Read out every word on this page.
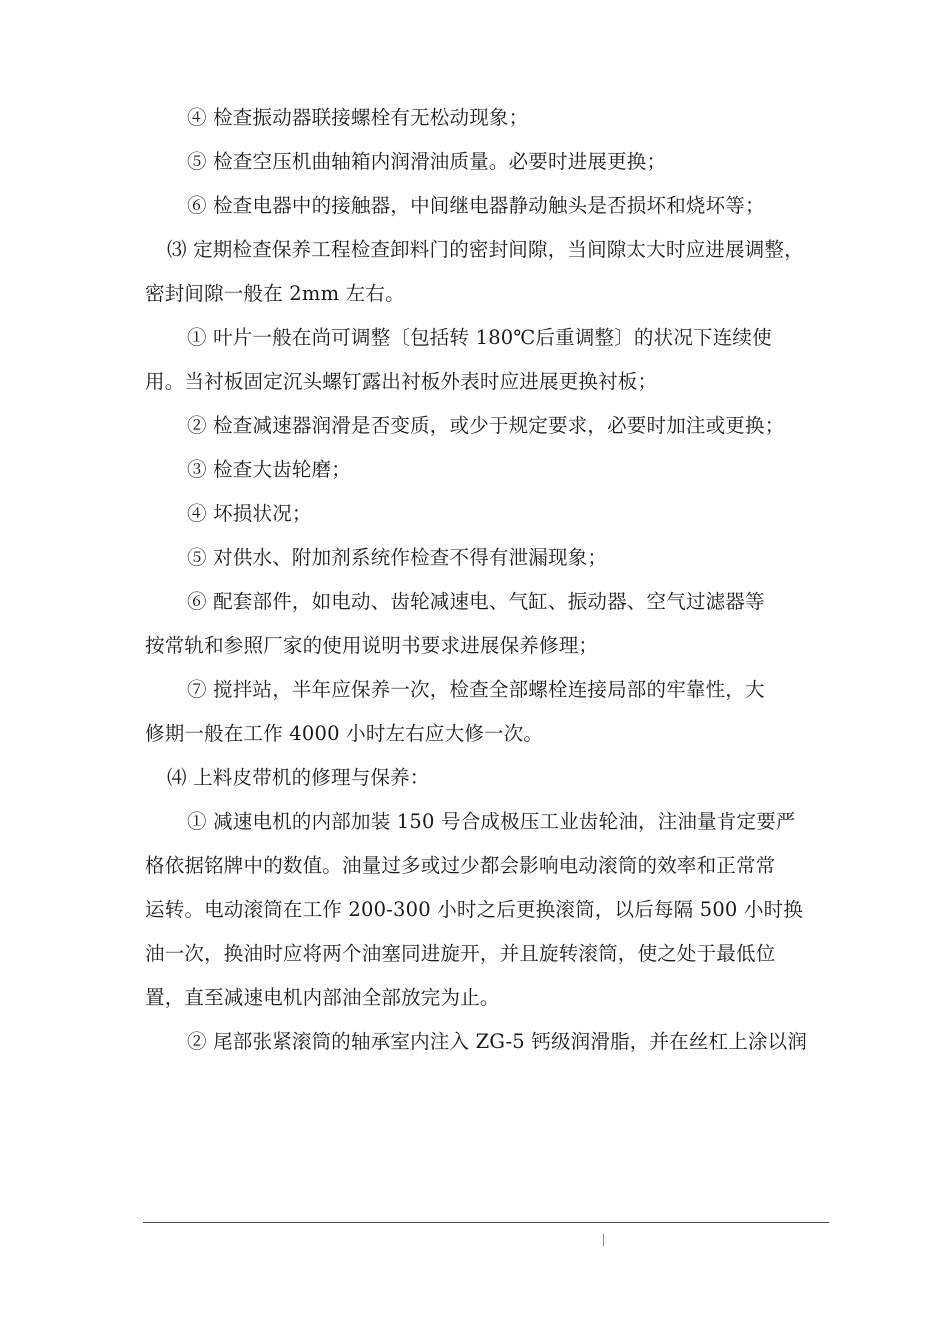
④ 检查振动器联接螺栓有无松动现象；
⑤ 检查空压机曲轴箱内润滑油质量。必要时进展更换；
⑥ 检查电器中的接触器，中间继电器静动触头是否损坏和烧坏等；
⑶ 定期检查保养工程检查卸料门的密封间隙，当间隙太大时应进展调整，
密封间隙一般在 2mm 左右。
① 叶片一般在尚可调整〔包括转 180℃后重调整〕的状况下连续使
用。当衬板固定沉头螺钉露出衬板外表时应进展更换衬板；
② 检查减速器润滑是否变质，或少于规定要求，必要时加注或更换；
③ 检查大齿轮磨；
④ 坏损状况；
⑤ 对供水、附加剂系统作检查不得有泄漏现象；
⑥ 配套部件，如电动、齿轮减速电、气缸、振动器、空气过滤器等
按常轨和参照厂家的使用说明书要求进展保养修理；
⑦ 搅拌站，半年应保养一次，检查全部螺栓连接局部的牢靠性，大
修期一般在工作 4000 小时左右应大修一次。
⑷ 上料皮带机的修理与保养：
① 减速电机的内部加装 150 号合成极压工业齿轮油，注油量肯定要严
格依据铭牌中的数值。油量过多或过少都会影响电动滚筒的效率和正常常
运转。电动滚筒在工作 200-300 小时之后更换滚筒，以后每隔 500 小时换
油一次，换油时应将两个油塞同进旋开，并且旋转滚筒，使之处于最低位
置，直至减速电机内部油全部放完为止。
② 尾部张紧滚筒的轴承室内注入 ZG-5 钙级润滑脂，并在丝杠上涂以润
